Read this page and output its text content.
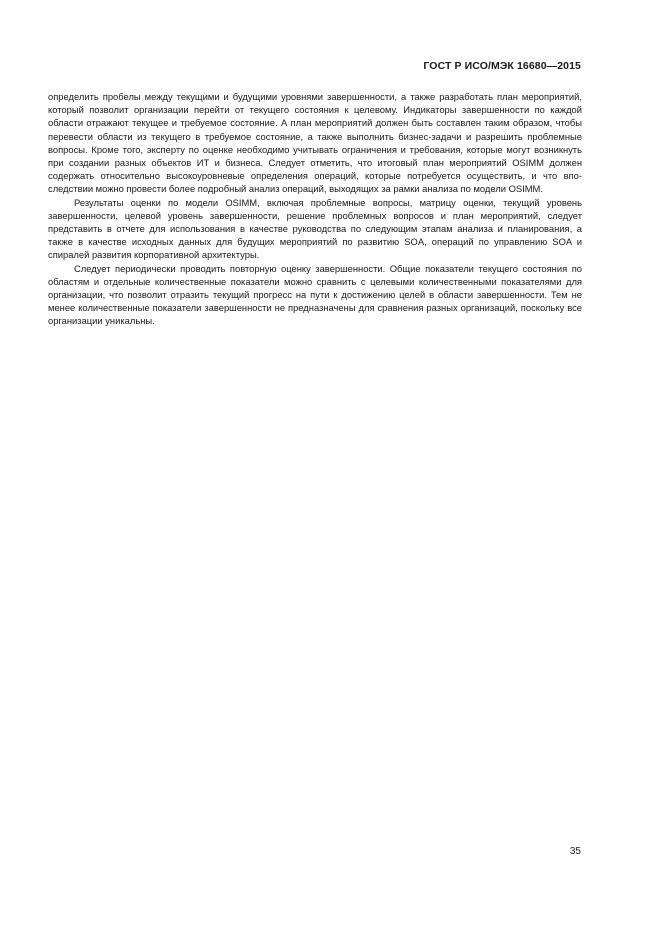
ГОСТ Р ИСО/МЭК 16680—2015

определить пробелы между текущими и будущими уровнями завершенности, а также разработать план мероприятий, который позволит организации перейти от текущего состояния к целевому. Индикаторы завершенности по каждой области отражают текущее и требуемое состояние. А план мероприятий должен быть составлен таким образом, чтобы перевести области из текущего в требуемое состояние, а также выполнить бизнес-задачи и разрешить проблемные вопросы. Кроме того, эксперту по оценке необходимо учитывать ограничения и требования, которые могут возникнуть при создании разных объектов ИТ и бизнеса. Следует отметить, что итоговый план мероприятий OSIMM должен содержать относительно высокоуровневые определения операций, которые потребуется осуществить, и что впоследствии можно провести более подробный анализ операций, выходящих за рамки анализа по модели OSIMM.

Результаты оценки по модели OSIMM, включая проблемные вопросы, матрицу оценки, текущий уровень завершенности, целевой уровень завершенности, решение проблемных вопросов и план мероприятий, следует представить в отчете для использования в качестве руководства по следующим этапам анализа и планирования, а также в качестве исходных данных для будущих мероприятий по развитию SOA, операций по управлению SOA и спиралей развития корпоративной архитектуры.

Следует периодически проводить повторную оценку завершенности. Общие показатели текущего состояния по областям и отдельные количественные показатели можно сравнить с целевыми количественными показателями для организации, что позволит отразить текущий прогресс на пути к достижению целей в области завершенности. Тем не менее количественные показатели завершенности не предназначены для сравнения разных организаций, поскольку все организации уникальны.

35
